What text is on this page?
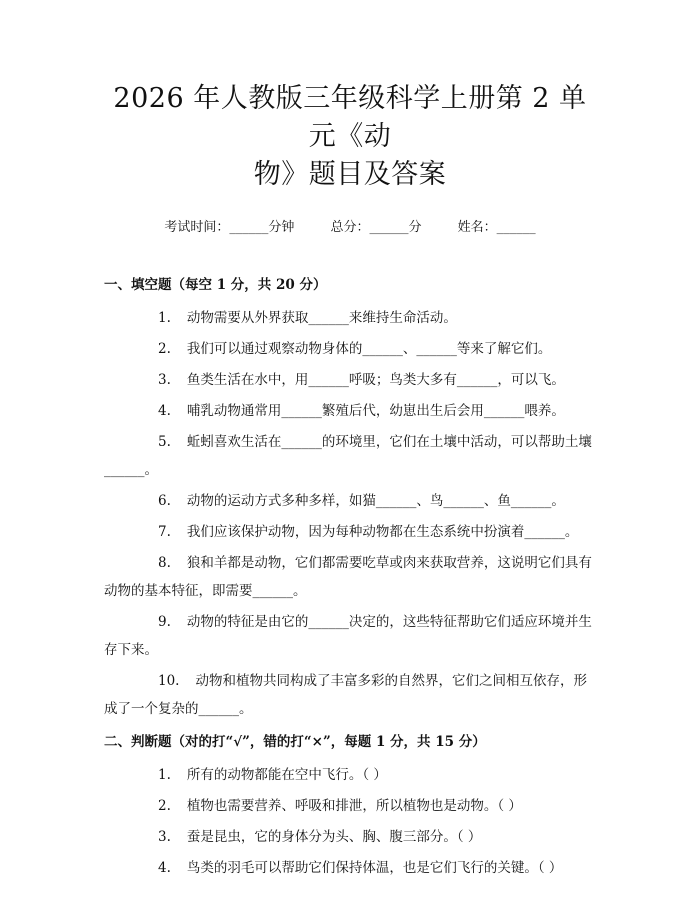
2026 年人教版三年级科学上册第 2 单元《动
物》题目及答案
考试时间：______分钟	总分：______分	姓名：______
一、填空题（每空 1 分，共 20 分）

1. 动物需要从外界获取______来维持生命活动。

2. 我们可以通过观察动物身体的______、______等来了解它们。

3. 鱼类生活在水中，用______呼吸；鸟类大多有______，可以飞。

4. 哺乳动物通常用______繁殖后代，幼崽出生后会用______喂养。

5. 蚯蚓喜欢生活在______的环境里，它们在土壤中活动，可以帮助土壤______。

6. 动物的运动方式多种多样，如猫______、鸟______、鱼______。

7. 我们应该保护动物，因为每种动物都在生态系统中扮演着______。

8. 狼和羊都是动物，它们都需要吃草或肉来获取营养，这说明它们具有动物的基本特征，即需要______。

9. 动物的特征是由它的______决定的，这些特征帮助它们适应环境并生存下来。

10. 动物和植物共同构成了丰富多彩的自然界，它们之间相互依存，形成了一个复杂的______。

二、判断题（对的打“√”，错的打“×”，每题 1 分，共 15 分）

1. 所有的动物都能在空中飞行。（ ）

2. 植物也需要营养、呼吸和排泄，所以植物也是动物。（ ）

3. 蚕是昆虫，它的身体分为头、胸、腹三部分。（ ）

4. 鸟类的羽毛可以帮助它们保持体温，也是它们飞行的关键。（ ）
